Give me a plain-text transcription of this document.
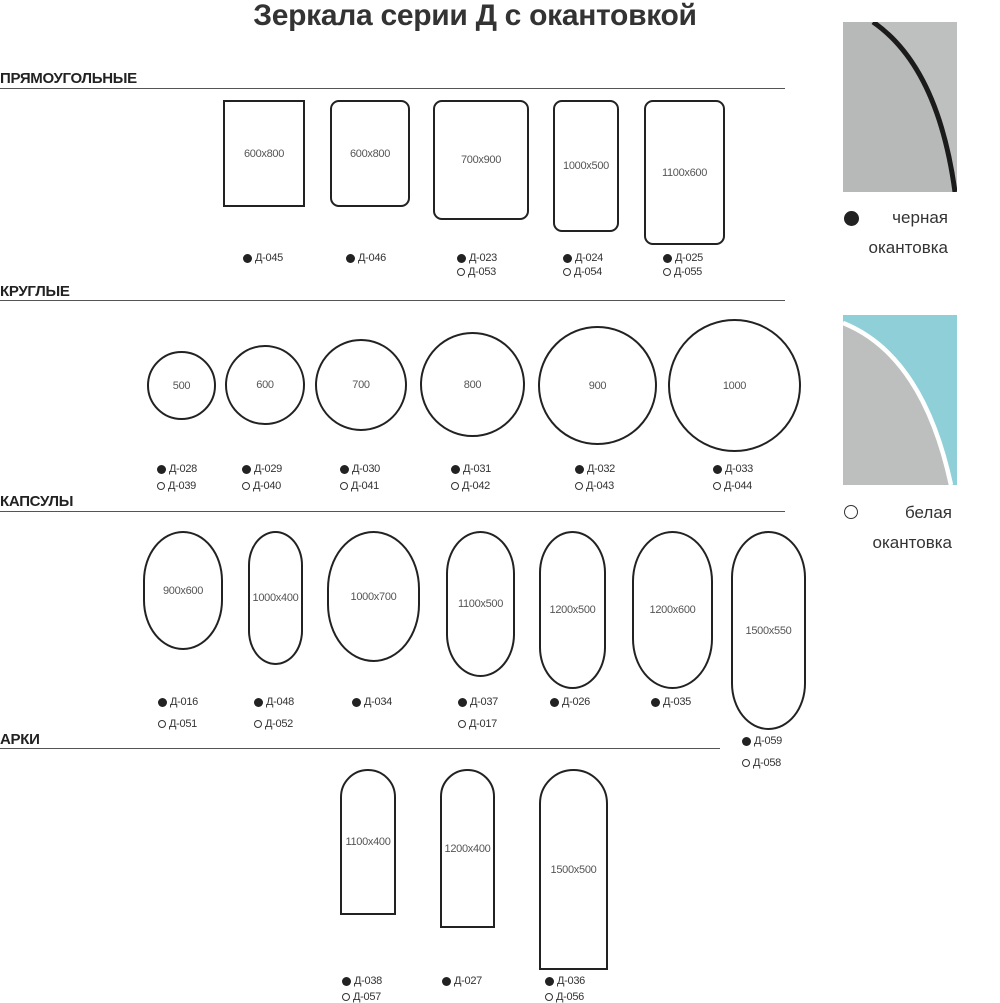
Зеркала серии Д с окантовкой
ПРЯМОУГОЛЬНЫЕ
КРУГЛЫЕ
КАПСУЛЫ
АРКИ
600x800
Д-045
600x800
Д-046
700x900
Д-023
Д-053
1000x500
Д-024
Д-054
1100x600
Д-025
Д-055
500
Д-028
Д-039
600
Д-029
Д-040
700
Д-030
Д-041
800
Д-031
Д-042
900
Д-032
Д-043
1000
Д-033
Д-044
900x600
Д-016
Д-051
1000x400
Д-048
Д-052
1000x700
Д-034
1100x500
Д-037
Д-017
1200x500
Д-026
1200x600
Д-035
1500x550
Д-059
Д-058
1100x400
Д-038
Д-057
1200x400
Д-027
1500x500
Д-036
Д-056
черная
окантовка
белая
окантовка
